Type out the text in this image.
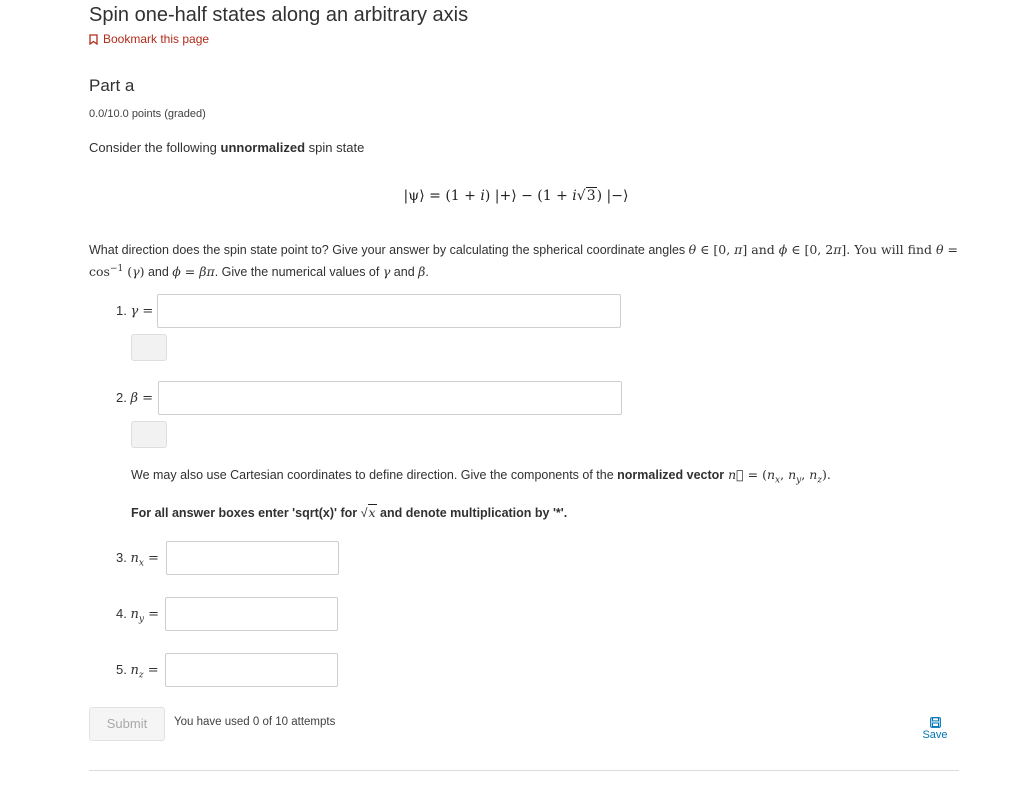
Spin one-half states along an arbitrary axis
Bookmark this page
Part a
0.0/10.0 points (graded)
Consider the following unnormalized spin state
|ψ⟩ = (1 + i) |+⟩ − (1 + i√3) |−⟩
What direction does the spin state point to? Give your answer by calculating the spherical coordinate angles θ ∈ [0, π] and ϕ ∈ [0, 2π]. You will find $\theta = \cos^{-1} (\gamma)$ and ϕ = βπ. Give the numerical values of γ and β.
1. γ =
2. β =
We may also use Cartesian coordinates to define direction. Give the components of the normalized vector n⃗ = ($n_x$, $n_y$, $n_z$).
For all answer boxes enter 'sqrt(x)' for √x and denote multiplication by '*'.
3. $n_x$ =
4. $n_y$ =
5. $n_z$ =
Submit	You have used 0 of 10 attempts
Save
